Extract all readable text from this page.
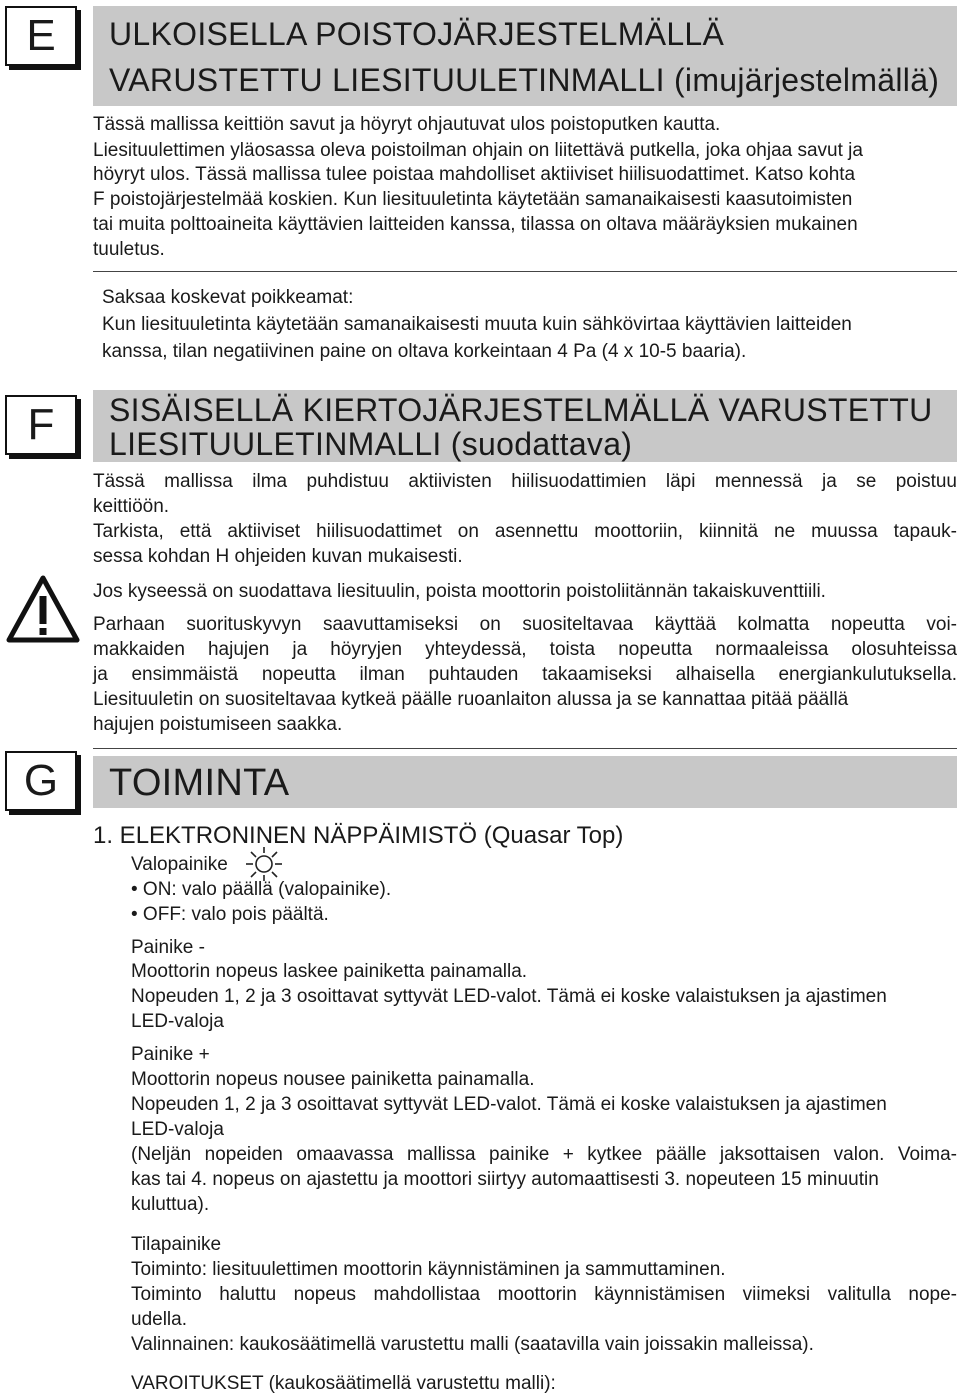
E	ULKOISELLA POISTOJÄRJESTELMÄLLÄ
VARUSTETTU LIESITUULETINMALLI (imujärjestelmällä)
Tässä mallissa keittiön savut ja höyryt ohjautuvat ulos poistoputken kautta.
Liesituulettimen yläosassa oleva poistoilman ohjain on liitettävä putkella, joka ohjaa savut ja
höyryt ulos. Tässä mallissa tulee poistaa mahdolliset aktiiviset hiilisuodattimet. Katso kohta
F poistojärjestelmää koskien. Kun liesituuletinta käytetään samanaikaisesti kaasutoimisten
tai muita polttoaineita käyttävien laitteiden kanssa, tilassa on oltava määräyksien mukainen
tuuletus.
Saksaa koskevat poikkeamat:
Kun liesituuletinta käytetään samanaikaisesti muuta kuin sähkövirtaa käyttävien laitteiden
kanssa, tilan negatiivinen paine on oltava korkeintaan 4 Pa (4 x 10-5 baaria).
F	SISÄISELLÄ KIERTOJÄRJESTELMÄLLÄ VARUSTETTU
LIESITUULETINMALLI (suodattava)
Tässä mallissa ilma puhdistuu aktiivisten hiilisuodattimien läpi mennessä ja se poistuu
keittiöön.
Tarkista, että aktiiviset hiilisuodattimet on asennettu moottoriin, kiinnitä ne muussa tapauk-
sessa kohdan H ohjeiden kuvan mukaisesti.
Jos kyseessä on suodattava liesituulin, poista moottorin poistoliitännän takaiskuventtiili.
Parhaan suorituskyvyn saavuttamiseksi on suositeltavaa käyttää kolmatta nopeutta voi-
makkaiden hajujen ja höyryjen yhteydessä, toista nopeutta normaaleissa olosuhteissa
ja ensimmäistä nopeutta ilman puhtauden takaamiseksi alhaisella energiankulutuksella.
Liesituuletin on suositeltavaa kytkeä päälle ruoanlaiton alussa ja se kannattaa pitää päällä
hajujen poistumiseen saakka.
G	TOIMINTA
1. ELEKTRONINEN NÄPPÄIMISTÖ (Quasar Top)
Valopainike
• ON: valo päällä (valopainike).
• OFF: valo pois päältä.
Painike -
Moottorin nopeus laskee painiketta painamalla.
Nopeuden 1, 2 ja 3 osoittavat syttyvät LED-valot. Tämä ei koske valaistuksen ja ajastimen
LED-valoja
Painike +
Moottorin nopeus nousee painiketta painamalla.
Nopeuden 1, 2 ja 3 osoittavat syttyvät LED-valot. Tämä ei koske valaistuksen ja ajastimen
LED-valoja
(Neljän nopeiden omaavassa mallissa painike + kytkee päälle jaksottaisen valon. Voima-
kas tai 4. nopeus on ajastettu ja moottori siirtyy automaattisesti 3. nopeuteen 15 minuutin
kuluttua).
Tilapainike
Toiminto: liesituulettimen moottorin käynnistäminen ja sammuttaminen.
Toiminto haluttu nopeus mahdollistaa moottorin käynnistämisen viimeksi valitulla nope-
udella.
Valinnainen: kaukosäätimellä varustettu malli (saatavilla vain joissakin malleissa).
VAROITUKSET (kaukosäätimellä varustettu malli):
